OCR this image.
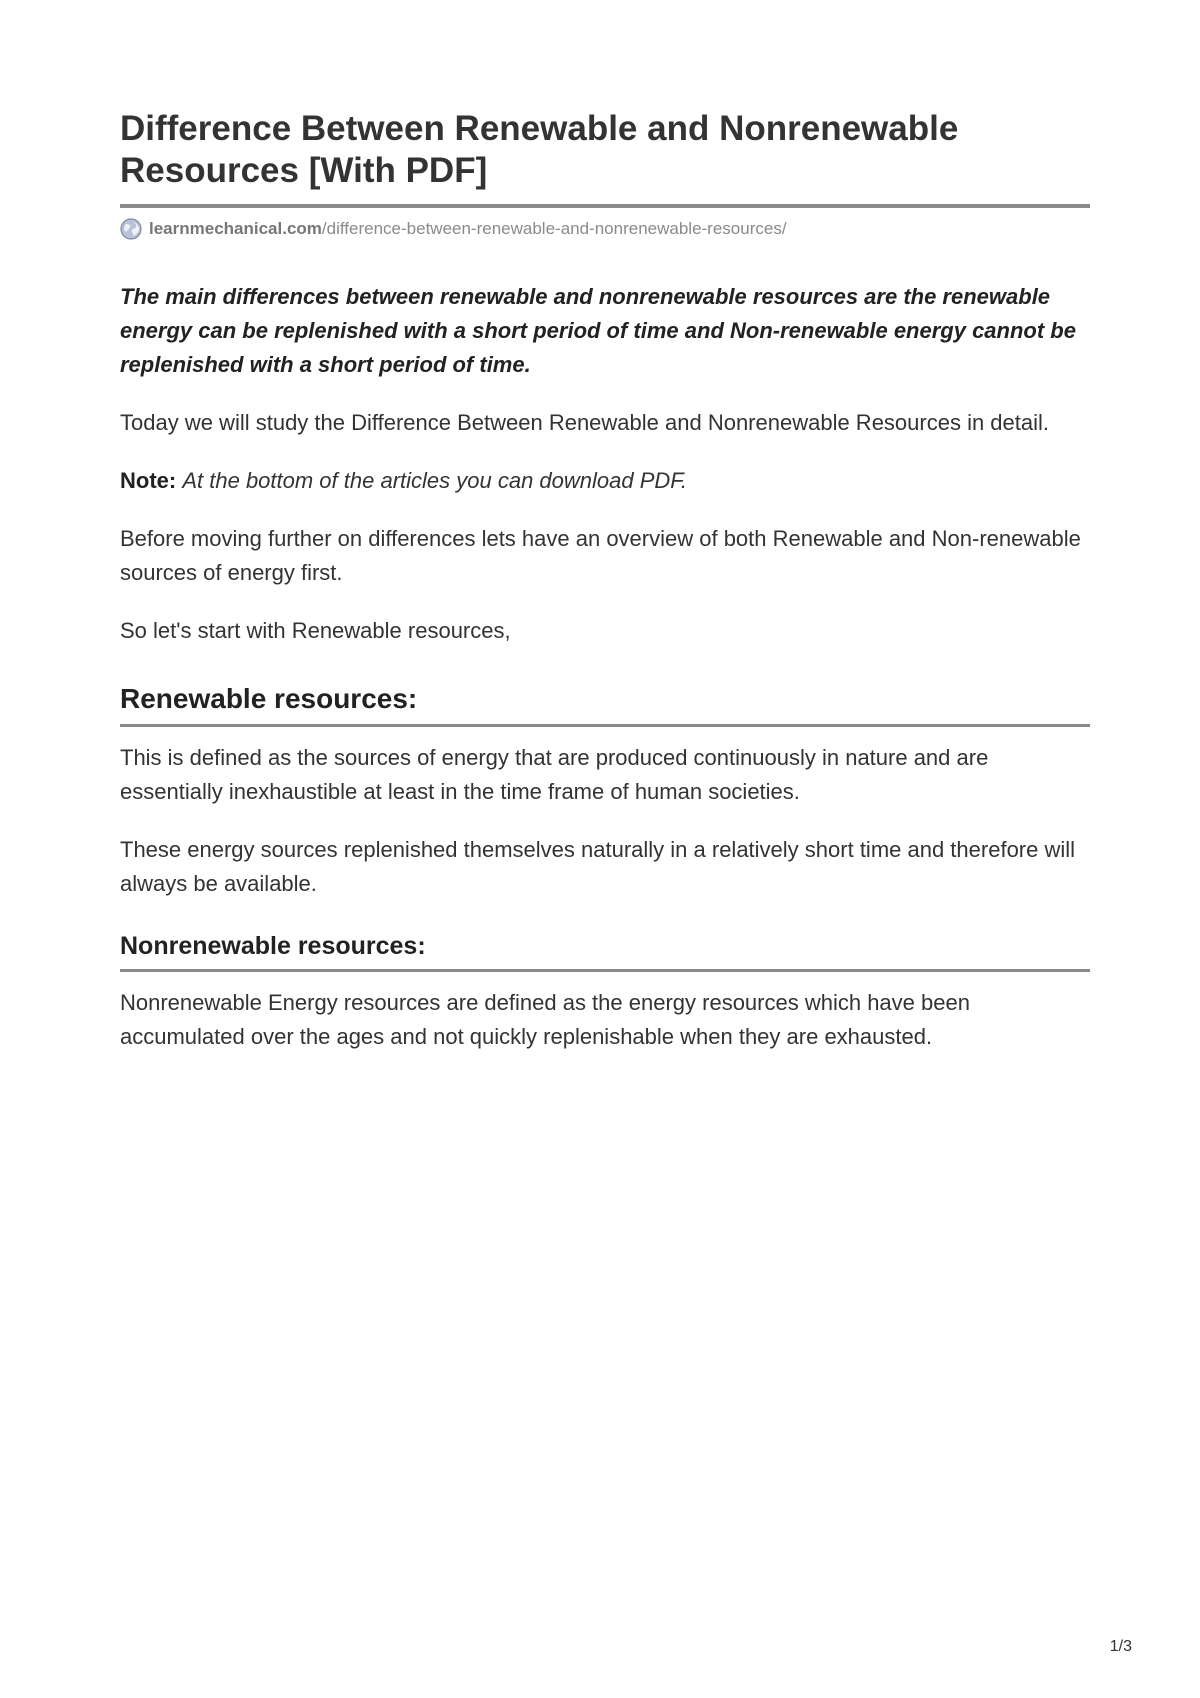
Difference Between Renewable and Nonrenewable Resources [With PDF]
learnmechanical.com /difference-between-renewable-and-nonrenewable-resources/

The main differences between renewable and nonrenewable resources are the renewable energy can be replenished with a short period of time and Non-renewable energy cannot be replenished with a short period of time.

Today we will study the Difference Between Renewable and Nonrenewable Resources in detail.

Note: At the bottom of the articles you can download PDF.

Before moving further on differences lets have an overview of both Renewable and Non-renewable sources of energy first.

So let's start with Renewable resources,

Renewable resources:

This is defined as the sources of energy that are produced continuously in nature and are essentially inexhaustible at least in the time frame of human societies.

These energy sources replenished themselves naturally in a relatively short time and therefore will always be available.

Nonrenewable resources:

Nonrenewable Energy resources are defined as the energy resources which have been accumulated over the ages and not quickly replenishable when they are exhausted.

1/3
